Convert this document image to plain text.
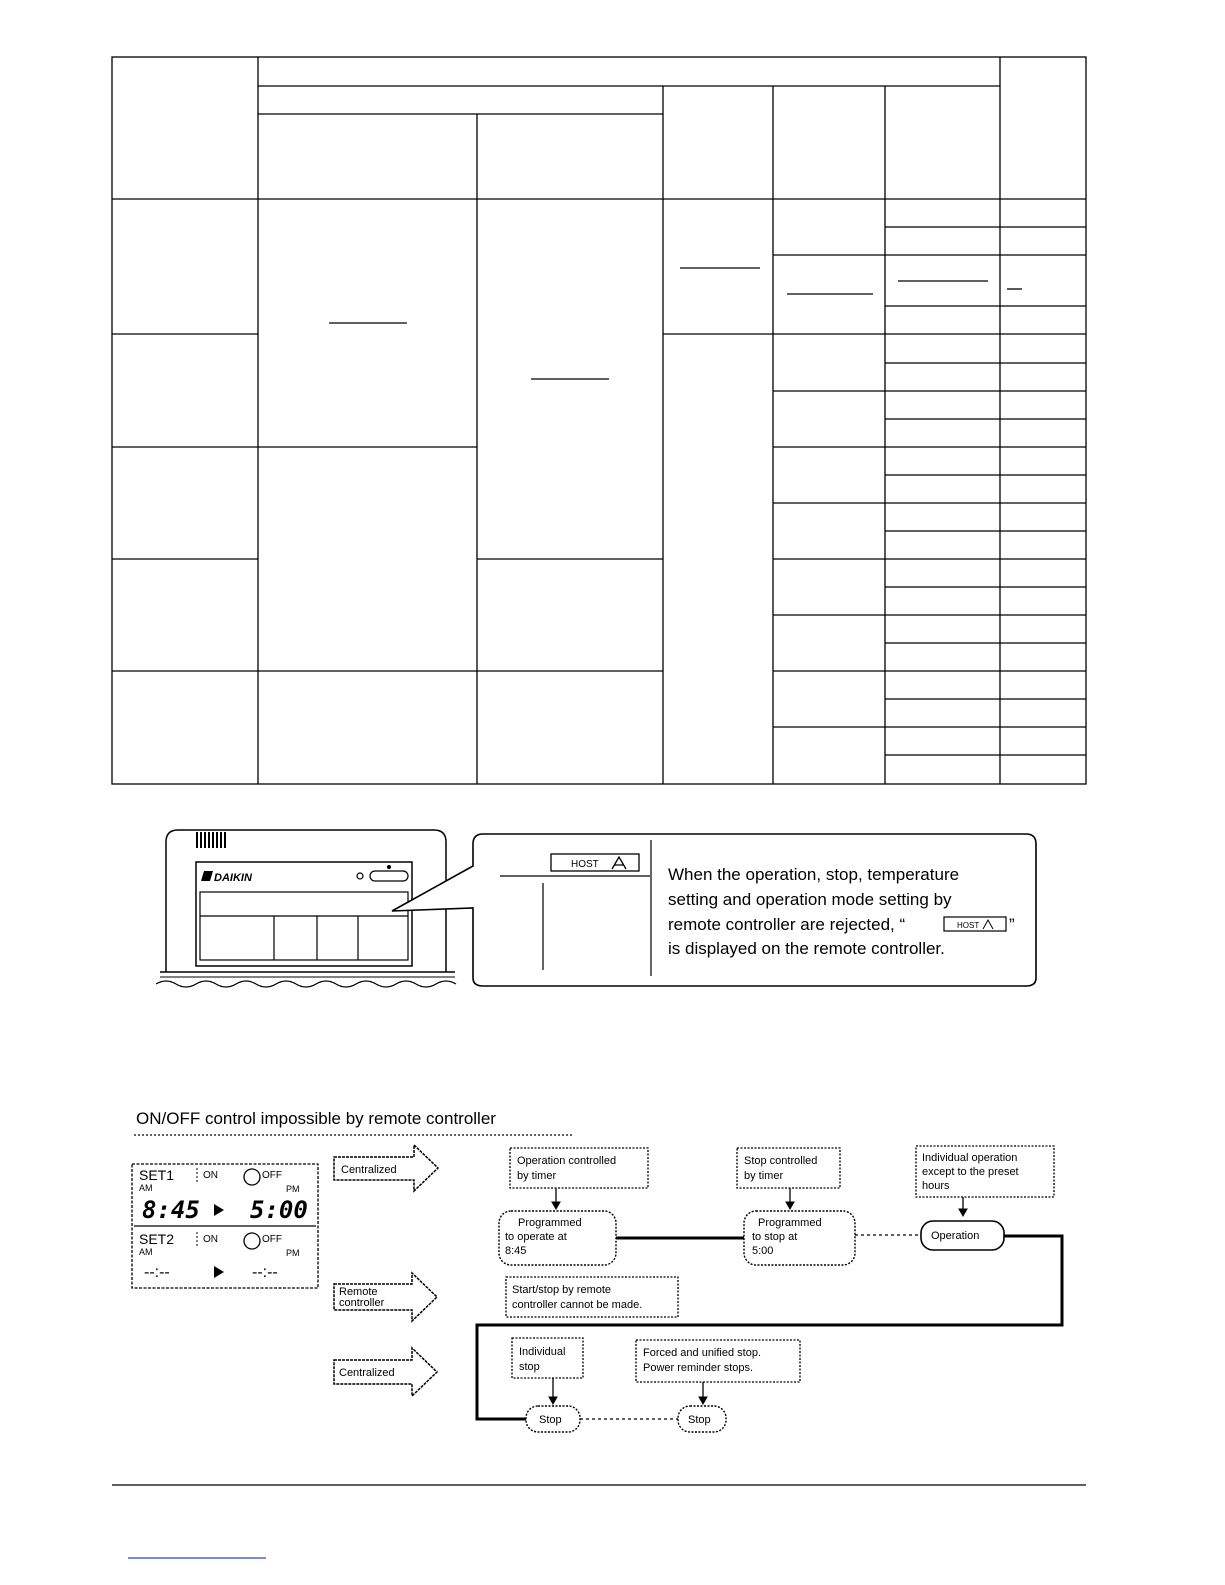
DAIKIN
HOST
When the operation, stop, temperature
setting and operation mode setting by
remote controller are rejected, “	HOST ”
is displayed on the remote controller.
ON/OFF control impossible by remote controller
SET1
AM
ON	OFF
PM
8:45 5:00
SET2
AM
ON	OFF
PM
--:--	--:--
Centralized
Remote
controller
Centralized
Operation controlled
by timer
Stop controlled
by timer
Individual operation
except to the preset
hours
Start/stop by remote
controller cannot be made.
Individual
stop
Forced and unified stop.
Power reminder stops.
Programmed
to operate at
8:45
Programmed
to stop at
5:00
Operation
Stop	Stop
